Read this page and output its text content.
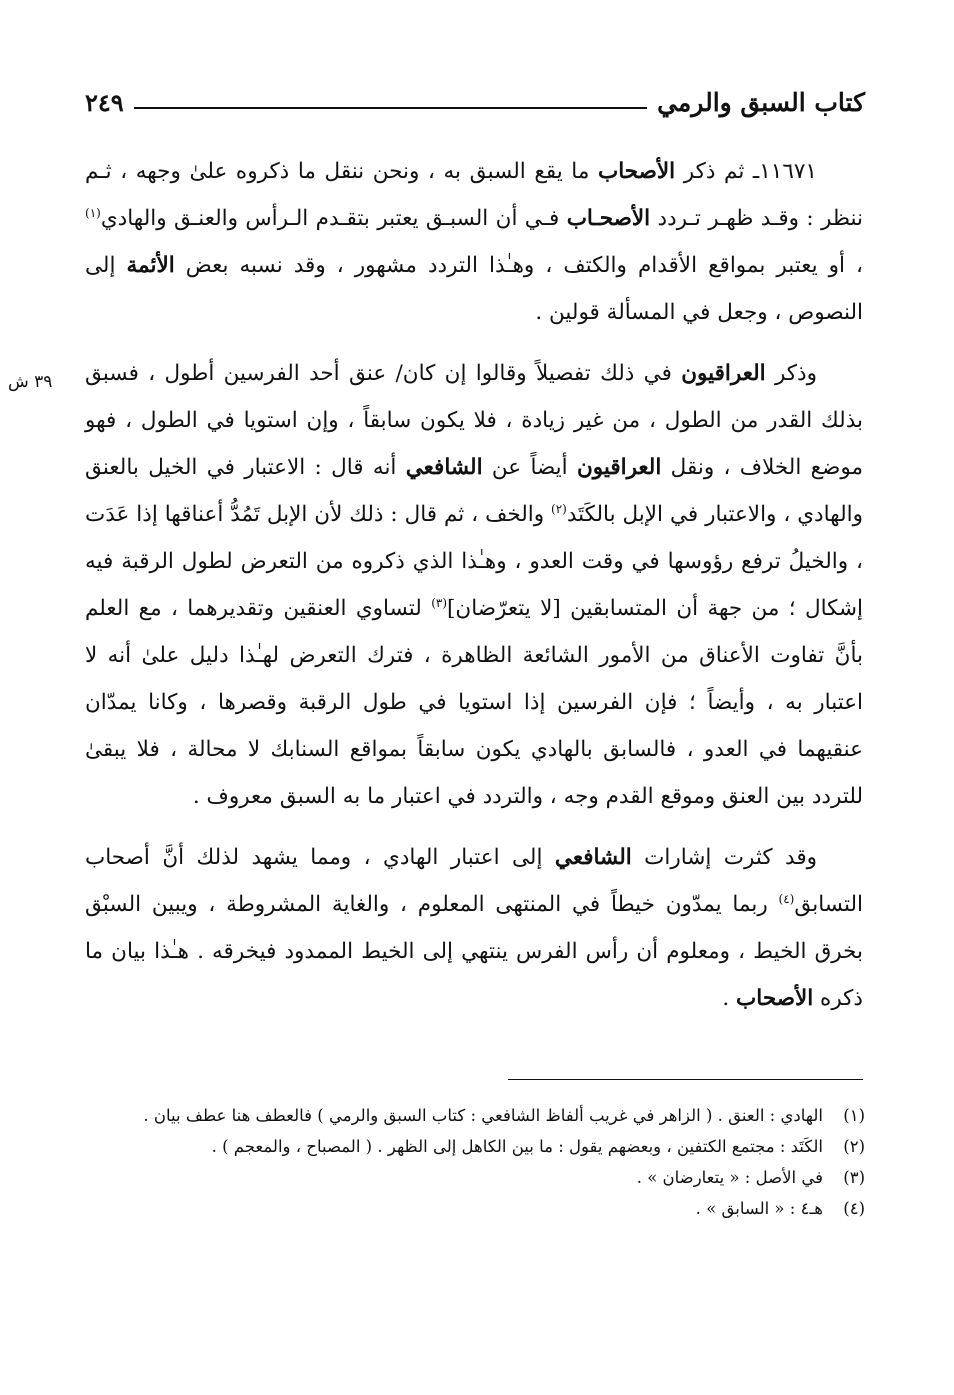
كتاب السبق والرمي
٢٤٩
٣٩ ش

١١٦٧١ـ ثم ذكر الأصحاب ما يقع السبق به ، ونحن ننقل ما ذكروه علىٰ وجهه ، ثـم ننظر : وقـد ظهـر تـردد الأصحـاب فـي أن السبـق يعتبر بتقـدم الـرأس والعنـق والهادي$^{(١)}$ ، أو يعتبر بمواقع الأقدام والكتف ، وهـٰذا التردد مشهور ، وقد نسبه بعض الأئمة إلى النصوص ، وجعل في المسألة قولين .

وذكر العراقيون في ذلك تفصيلاً وقالوا إن كان/ عنق أحد الفرسين أطول ، فسبق بذلك القدر من الطول ، من غير زيادة ، فلا يكون سابقاً ، وإن استويا في الطول ، فهو موضع الخلاف ، ونقل العراقيون أيضاً عن الشافعي أنه قال : الاعتبار في الخيل بالعنق والهادي ، والاعتبار في الإبل بالكَتَد$^{(٢)}$ والخف ، ثم قال : ذلك لأن الإبل تَمُدُّ أعناقها إذا عَدَت ، والخيلُ ترفع رؤوسها في وقت العدو ، وهـٰذا الذي ذكروه من التعرض لطول الرقبة فيه إشكال ؛ من جهة أن المتسابقين [لا يتعرّضان]$^{(٣)}$ لتساوي العنقين وتقديرهما ، مع العلم بأنَّ تفاوت الأعناق من الأمور الشائعة الظاهرة ، فترك التعرض لهـٰذا دليل علىٰ أنه لا اعتبار به ، وأيضاً ؛ فإن الفرسين إذا استويا في طول الرقبة وقصرها ، وكانا يمدّان عنقيهما في العدو ، فالسابق بالهادي يكون سابقاً بمواقع السنابك لا محالة ، فلا يبقىٰ للتردد بين العنق وموقع القدم وجه ، والتردد في اعتبار ما به السبق معروف .

وقد كثرت إشارات الشافعي إلى اعتبار الهادي ، ومما يشهد لذلك أنَّ أصحاب التسابق$^{(٤)}$ ربما يمدّون خيطاً في المنتهى المعلوم ، والغاية المشروطة ، ويبين السبْق بخرق الخيط ، ومعلوم أن رأس الفرس ينتهي إلى الخيط الممدود فيخرقه . هـٰذا بيان ما ذكره الأصحاب .

(١)
الهادي : العنق . ( الزاهر في غريب ألفاظ الشافعي : كتاب السبق والرمي ) فالعطف هنا عطف بيان .
(٢)
الكَتَد : مجتمع الكتفين ، وبعضهم يقول : ما بين الكاهل إلى الظهر . ( المصباح ، والمعجم ) .
(٣)
في الأصل : « يتعارضان » .
(٤)
هـ٤ : « السابق » .
